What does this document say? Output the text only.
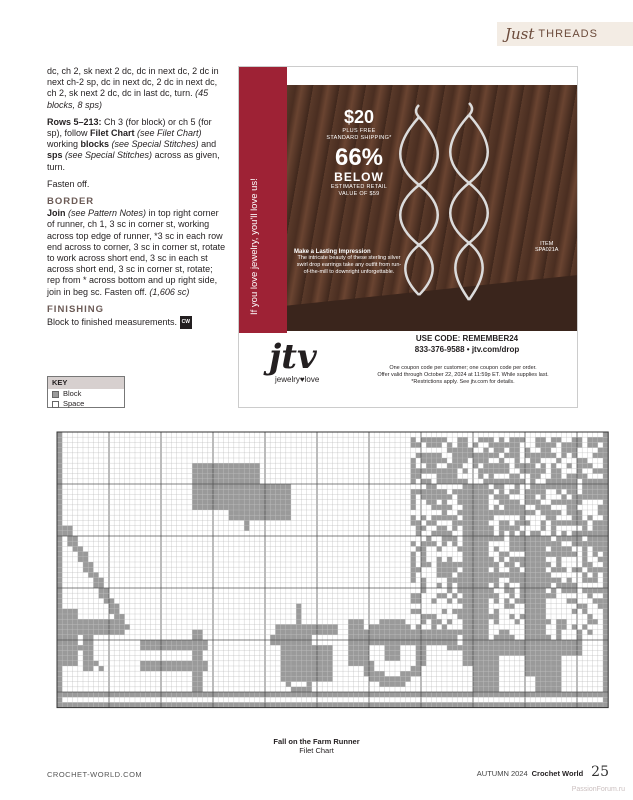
Just THREADS

dc, ch 2, sk next 2 dc, dc in next dc, 2 dc in next ch-2 sp, dc in next dc, 2 dc in next dc, ch 2, sk next 2 dc, dc in last dc, turn. (45 blocks, 8 sps)

Rows 5–213: Ch 3 (for block) or ch 5 (for sp), follow Filet Chart (see Filet Chart) working blocks (see Special Stitches) and sps (see Special Stitches) across as given, turn.

Fasten off.

BORDER

Join (see Pattern Notes) in top right corner of runner, ch 1, 3 sc in corner st, working across top edge of runner, *3 sc in each row end across to corner, 3 sc in corner st, rotate to work across short end, 3 sc in each st across short end, 3 sc in corner st, rotate; rep from * across bottom and up right side, join in beg sc. Fasten off. (1,606 sc)

FINISHING

Block to finished measurements. CW

If you love jewelry, you'll love us!
$20
PLUS FREE
STANDARD SHIPPING*
66%
BELOW
ESTIMATED RETAIL
VALUE OF $59
Make a Lasting Impression
The intricate beauty of these sterling silver swirl drop earrings take any outfit from run-of-the-mill to downright unforgettable.
ITEM
SPA021A
jtv
jewelry♥love
USE CODE: REMEMBER24
833-376-9588 • jtv.com/drop
One coupon code per customer; one coupon code per order.
Offer valid through October 22, 2024 at 11:59p ET. While supplies last.
*Restrictions apply. See jtv.com for details.
KEY
Block
Space
Fall on the Farm Runner
Filet Chart
CROCHET-WORLD.COM	AUTUMN 2024 Crochet World 25
PassionForum.ru
